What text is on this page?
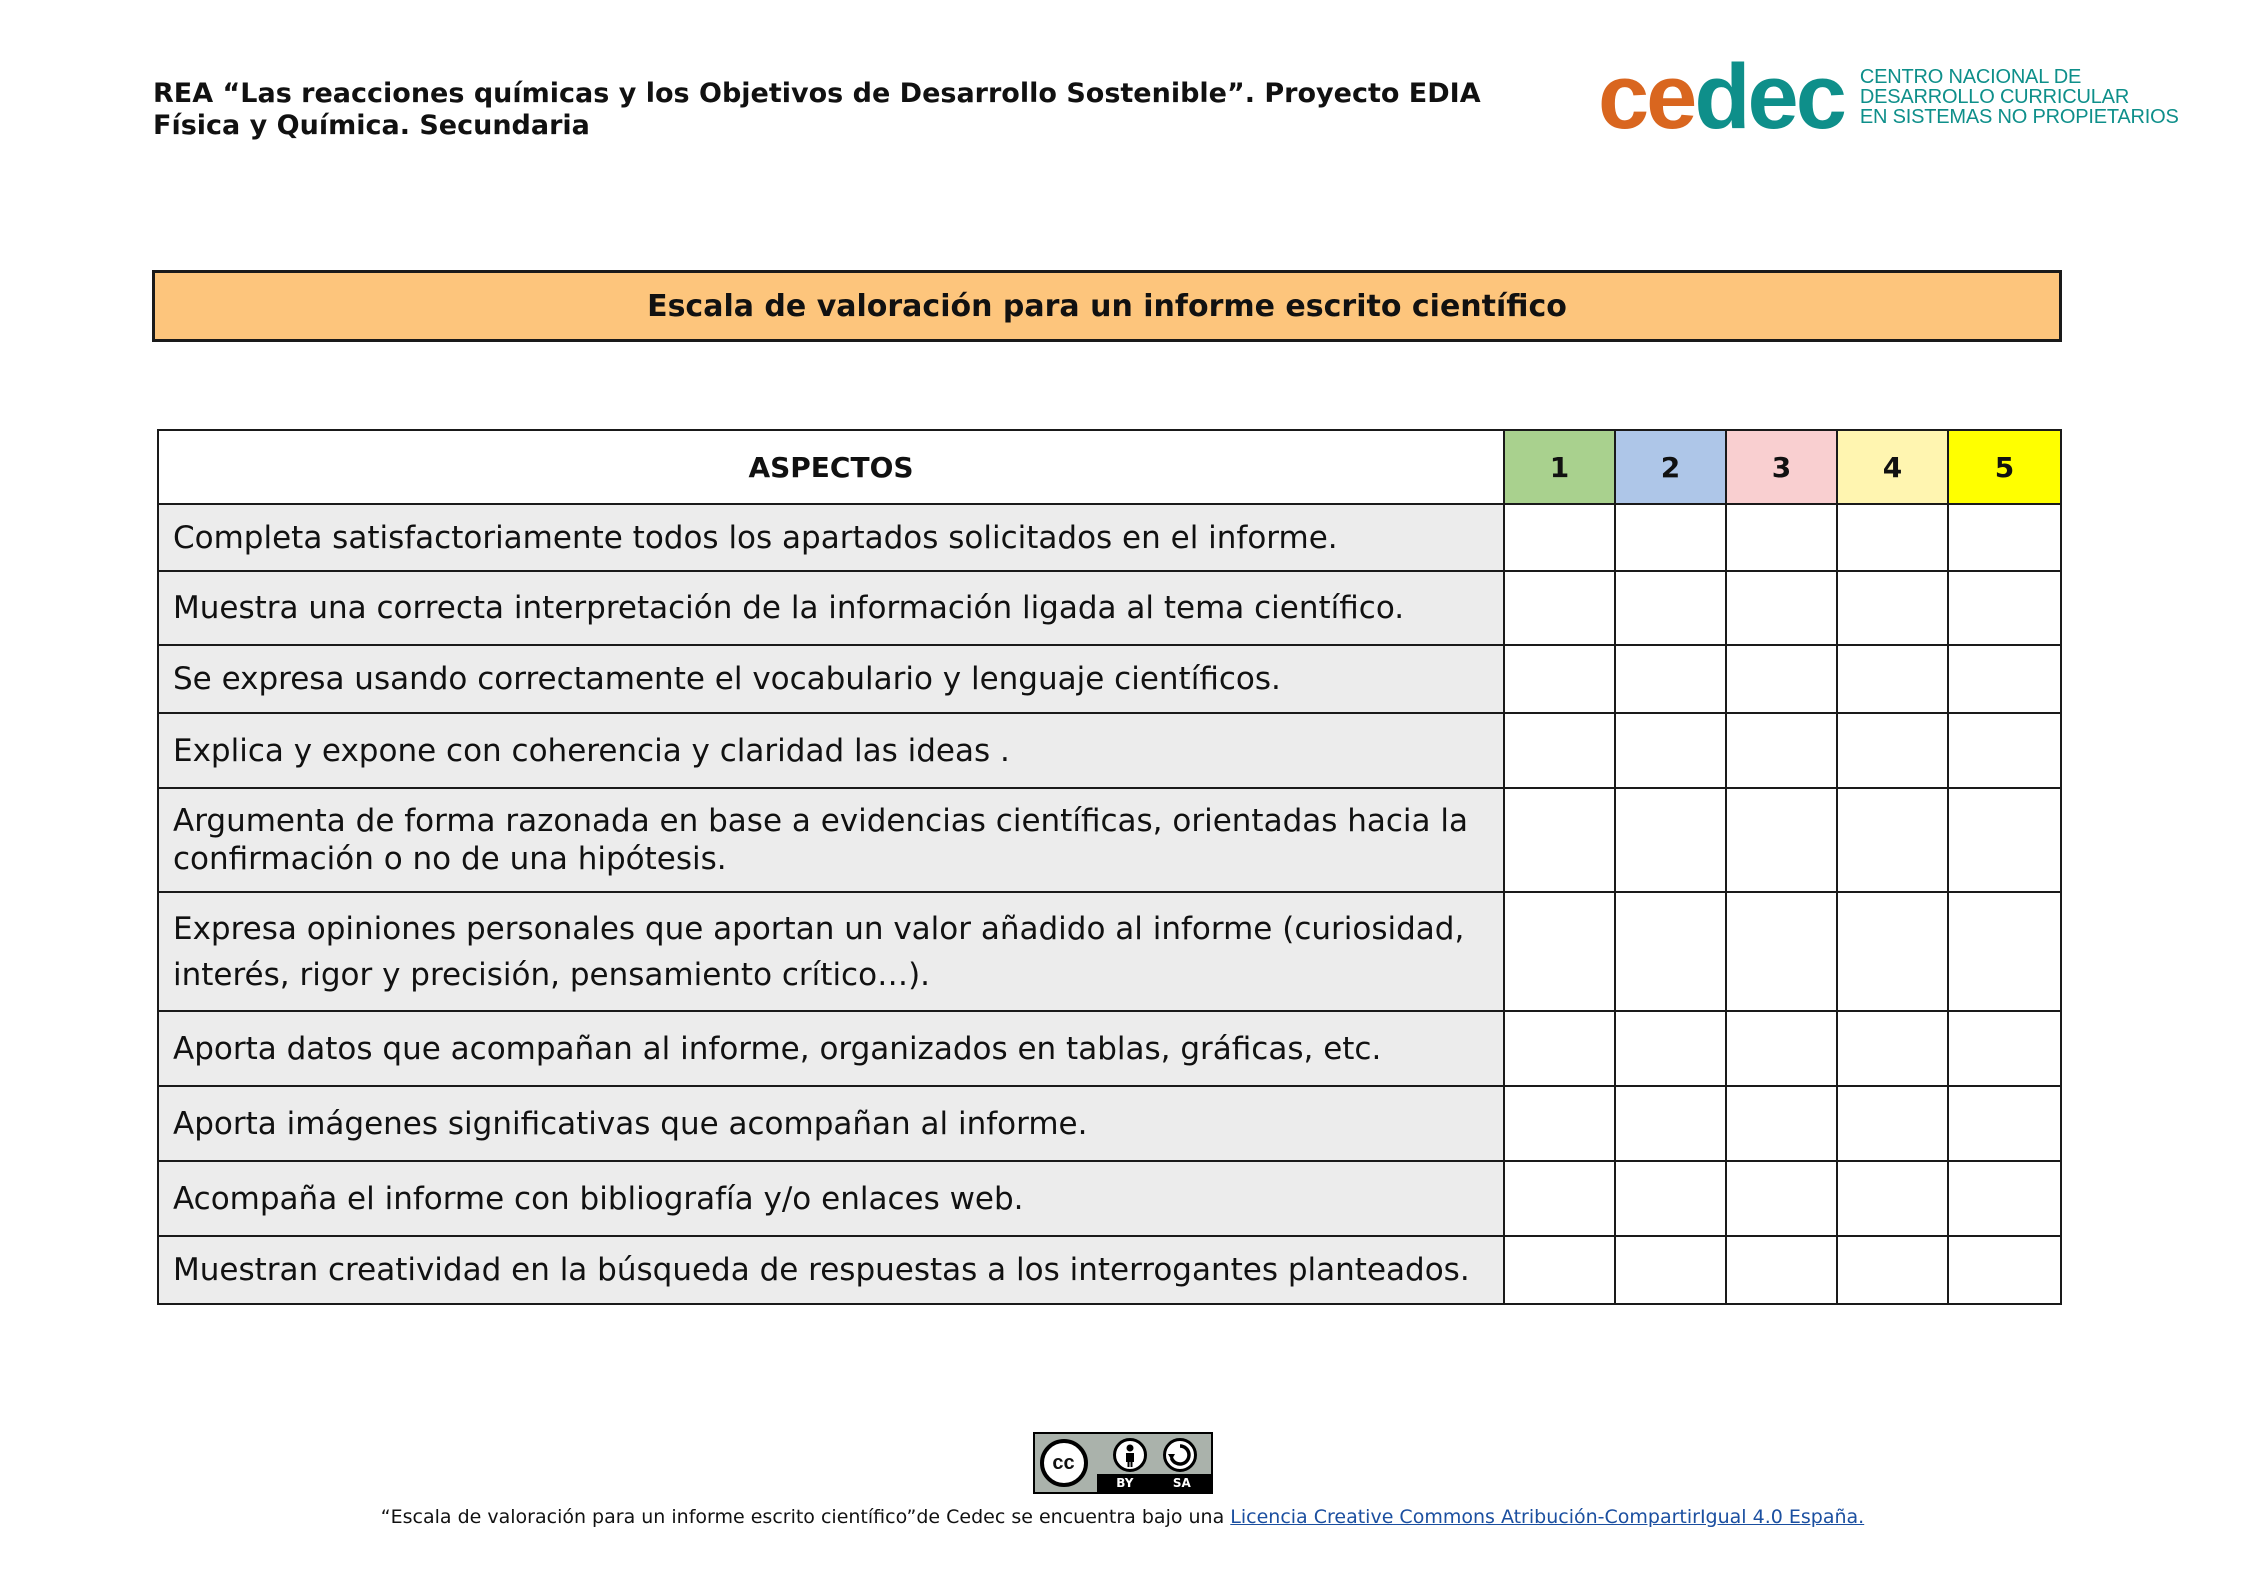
REA “Las reacciones químicas y los Objetivos de Desarrollo Sostenible”. Proyecto EDIA
Física y Química. Secundaria	cedec CENTRO NACIONAL DE
DESARROLLO CURRICULAR
EN SISTEMAS NO PROPIETARIOS
Escala de valoración para un informe escrito científico
ASPECTOS	1	2	3	4	5
Completa satisfactoriamente todos los apartados solicitados en el informe.					
Muestra una correcta interpretación de la información ligada al tema científico.					
Se expresa usando correctamente el vocabulario y lenguaje científicos.					
Explica y expone con coherencia y claridad las ideas .					
Argumenta de forma razonada en base a evidencias científicas, orientadas hacia la confirmación o no de una hipótesis.					
Expresa opiniones personales que aportan un valor añadido al informe (curiosidad, interés, rigor y precisión, pensamiento crítico…).					
Aporta datos que acompañan al informe, organizados en tablas, gráficas, etc.					
Aporta imágenes significativas que acompañan al informe.					
Acompaña el informe con bibliografía y/o enlaces web.					
Muestran creatividad en la búsqueda de respuestas a los interrogantes planteados.					
cc
BY	SA
“Escala de valoración para un informe escrito científico”de Cedec se encuentra bajo una Licencia Creative Commons Atribución-CompartirIgual 4.0 España.
